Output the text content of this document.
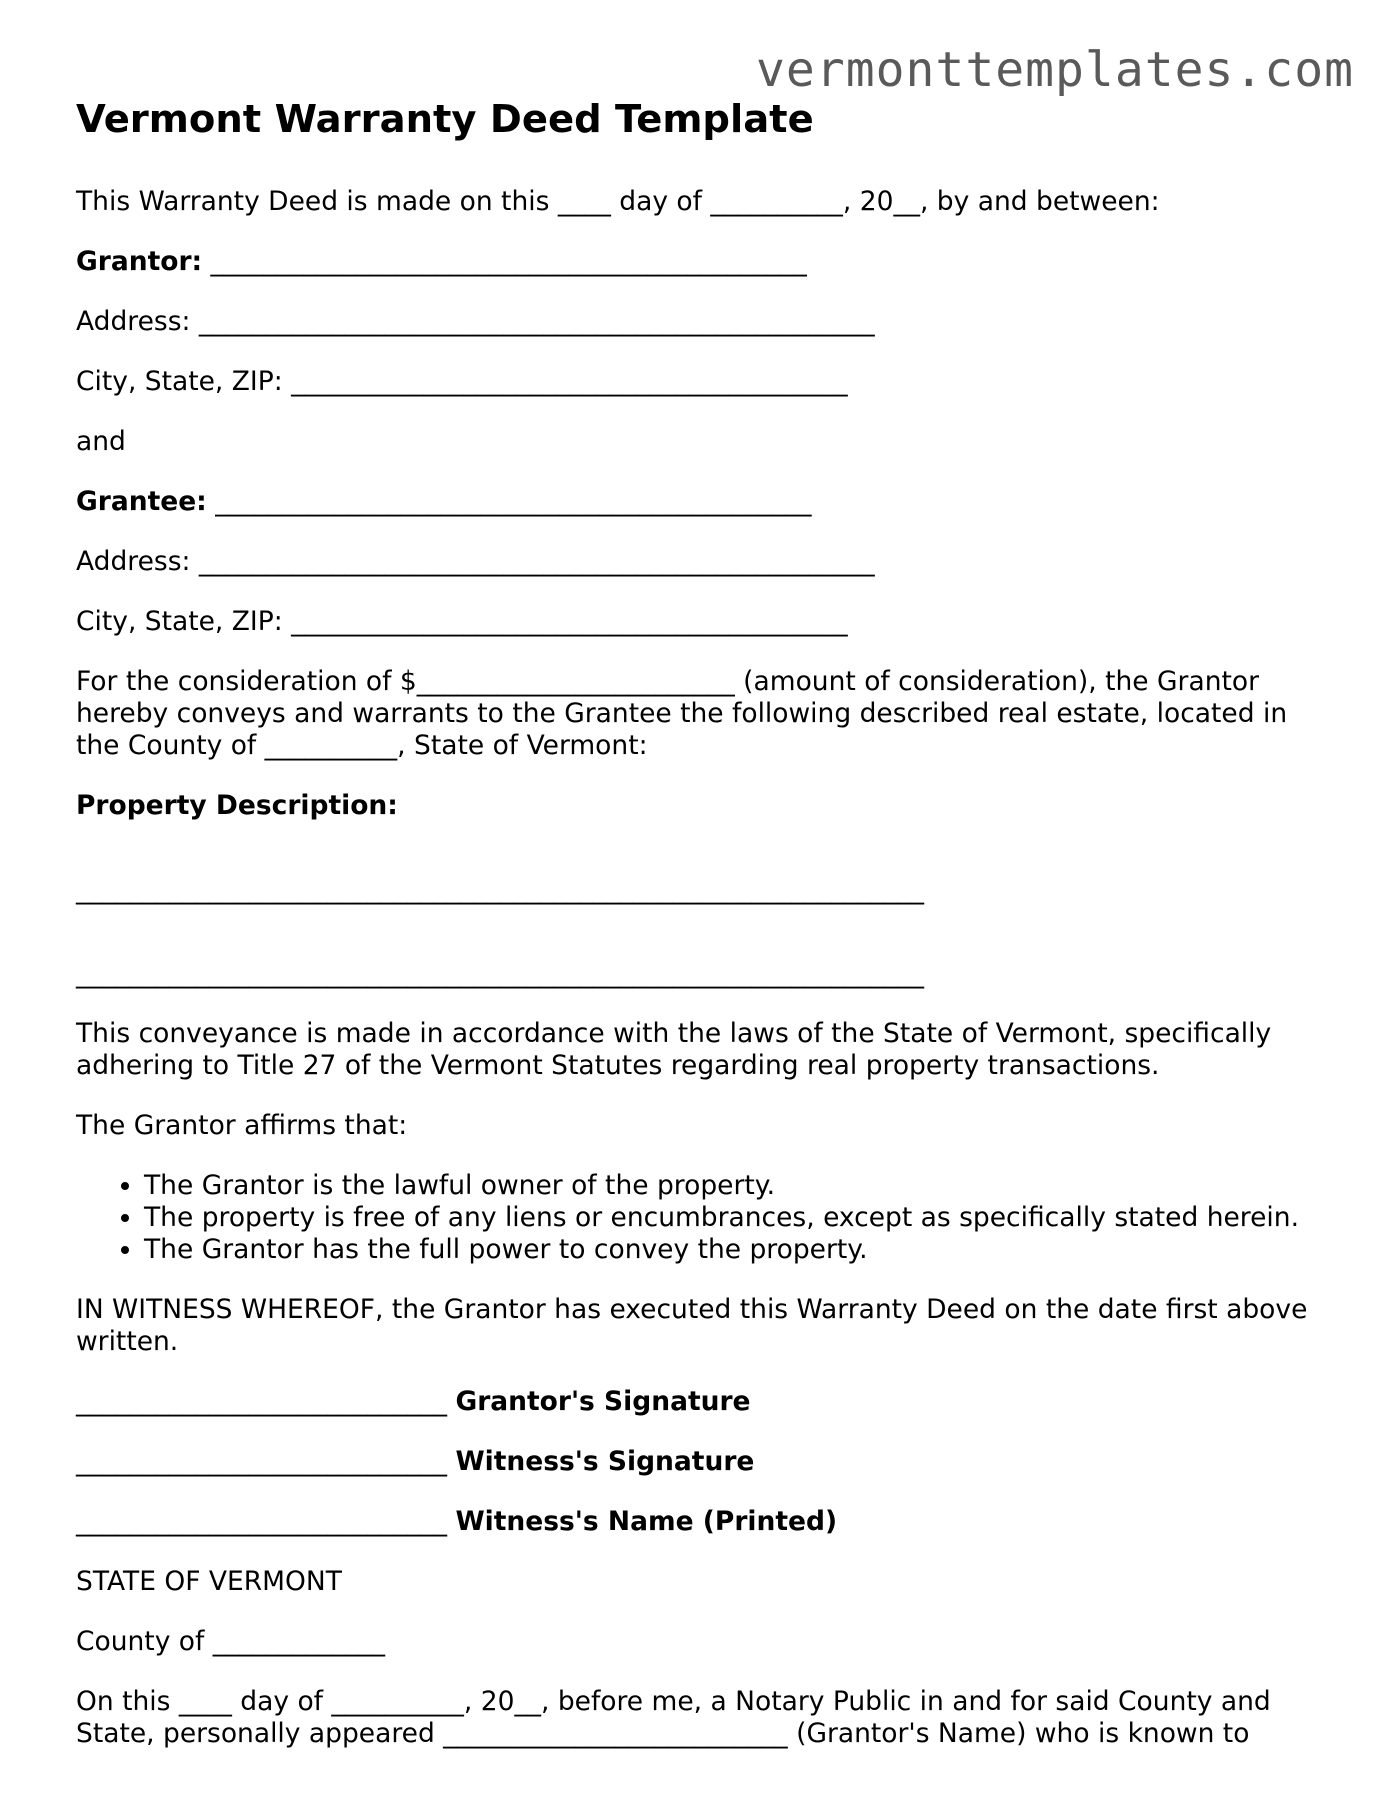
vermonttemplates.com
Vermont Warranty Deed Template

This Warranty Deed is made on this ____ day of __________, 20__, by and between:

Grantor: _____________________________________________

Address: ___________________________________________________

City, State, ZIP: __________________________________________

and

Grantee: _____________________________________________

Address: ___________________________________________________

City, State, ZIP: __________________________________________

For the consideration of $________________________ (amount of consideration), the Grantor hereby conveys and warrants to the Grantee the following described real estate, located in the County of __________, State of Vermont:

Property Description:

________________________________________________________________

________________________________________________________________

This conveyance is made in accordance with the laws of the State of Vermont, specifically adhering to Title 27 of the Vermont Statutes regarding real property transactions.

The Grantor affirms that:

• The Grantor is the lawful owner of the property.
• The property is free of any liens or encumbrances, except as specifically stated herein.
• The Grantor has the full power to convey the property.

IN WITNESS WHEREOF, the Grantor has executed this Warranty Deed on the date first above written.

____________________________ Grantor's Signature

____________________________ Witness's Signature

____________________________ Witness's Name (Printed)

STATE OF VERMONT

County of _____________

On this ____ day of __________, 20__, before me, a Notary Public in and for said County and State, personally appeared __________________________ (Grantor's Name) who is known to
